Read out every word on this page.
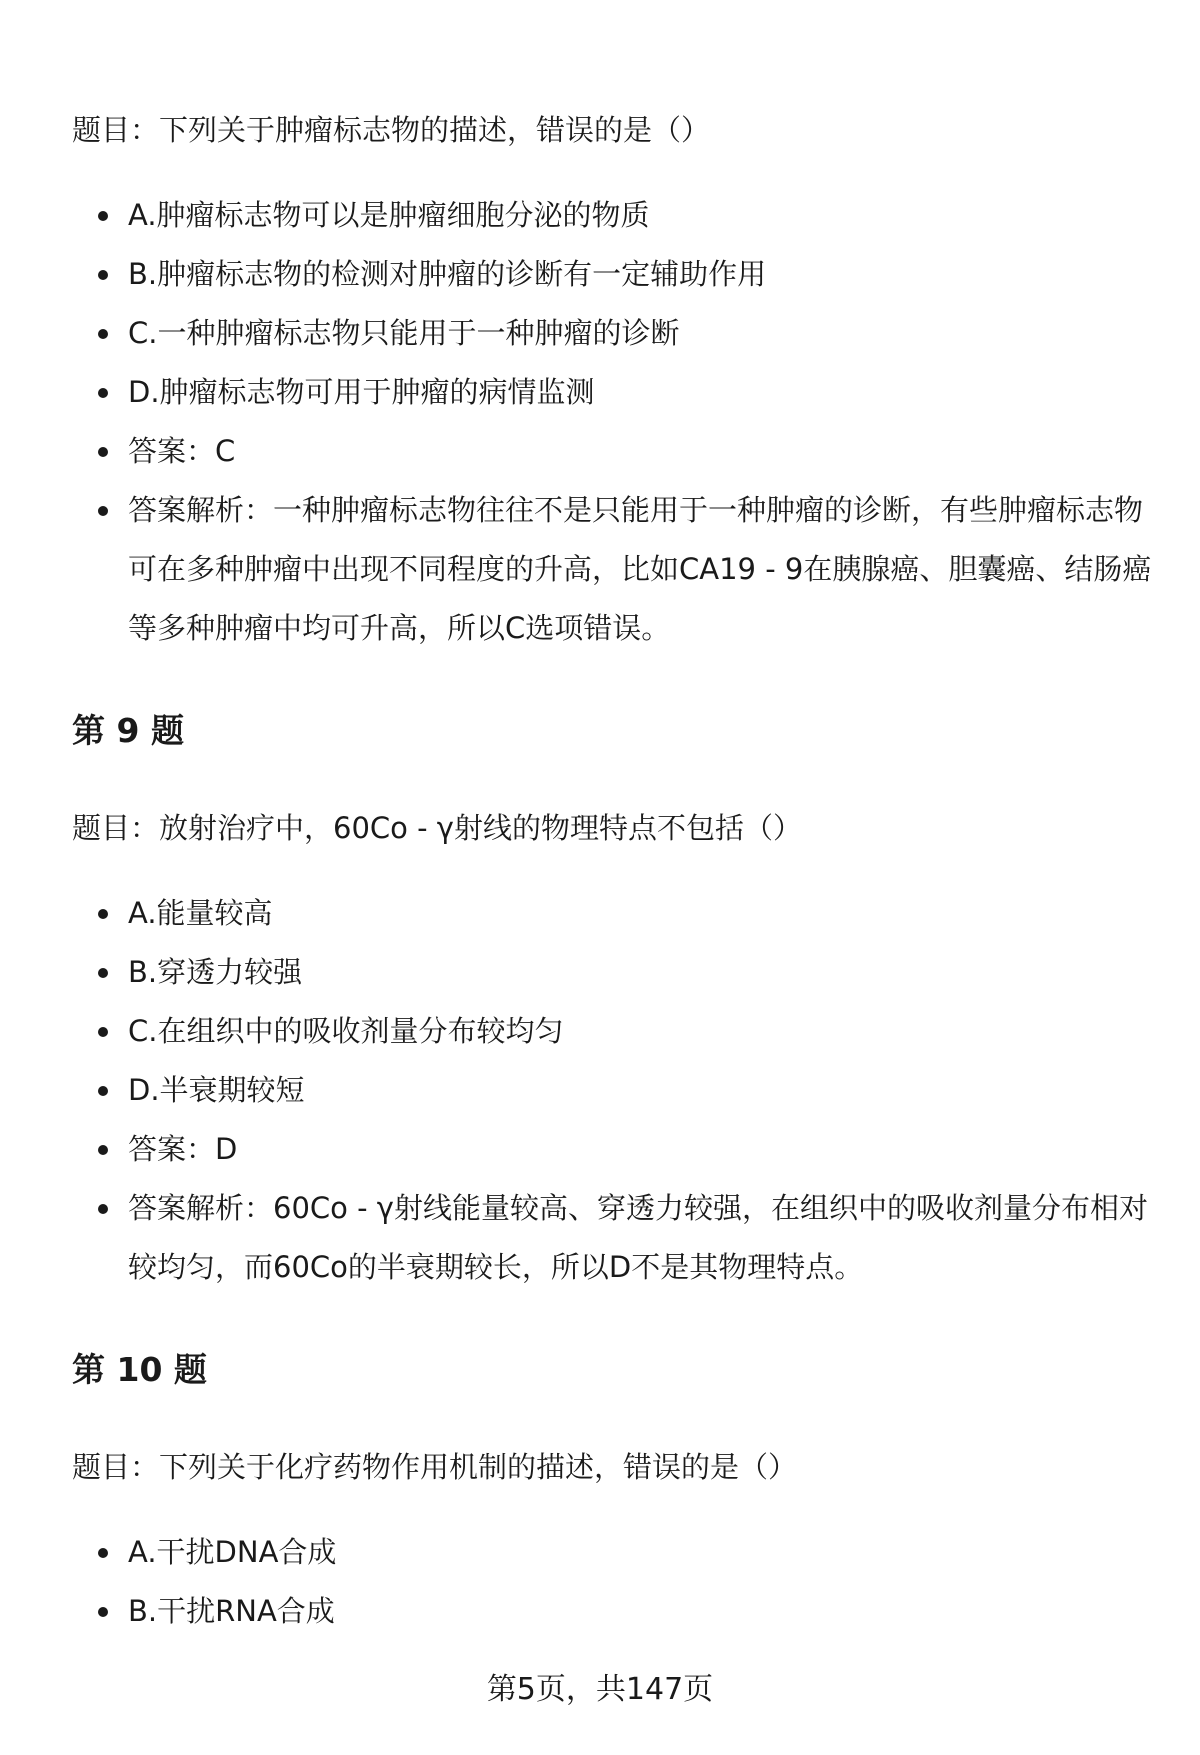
题目：下列关于肿瘤标志物的描述，错误的是（）
A.肿瘤标志物可以是肿瘤细胞分泌的物质
B.肿瘤标志物的检测对肿瘤的诊断有一定辅助作用
C.一种肿瘤标志物只能用于一种肿瘤的诊断
D.肿瘤标志物可用于肿瘤的病情监测
答案：C
答案解析：一种肿瘤标志物往往不是只能用于一种肿瘤的诊断，有些肿瘤标志物可在多种肿瘤中出现不同程度的升高，比如CA19 - 9在胰腺癌、胆囊癌、结肠癌等多种肿瘤中均可升高，所以C选项错误。
第 9 题
题目：放射治疗中，60Co - γ射线的物理特点不包括（）
A.能量较高
B.穿透力较强
C.在组织中的吸收剂量分布较均匀
D.半衰期较短
答案：D
答案解析：60Co - γ射线能量较高、穿透力较强，在组织中的吸收剂量分布相对较均匀，而60Co的半衰期较长，所以D不是其物理特点。
第 10 题
题目：下列关于化疗药物作用机制的描述，错误的是（）
A.干扰DNA合成
B.干扰RNA合成
第5页，共147页
